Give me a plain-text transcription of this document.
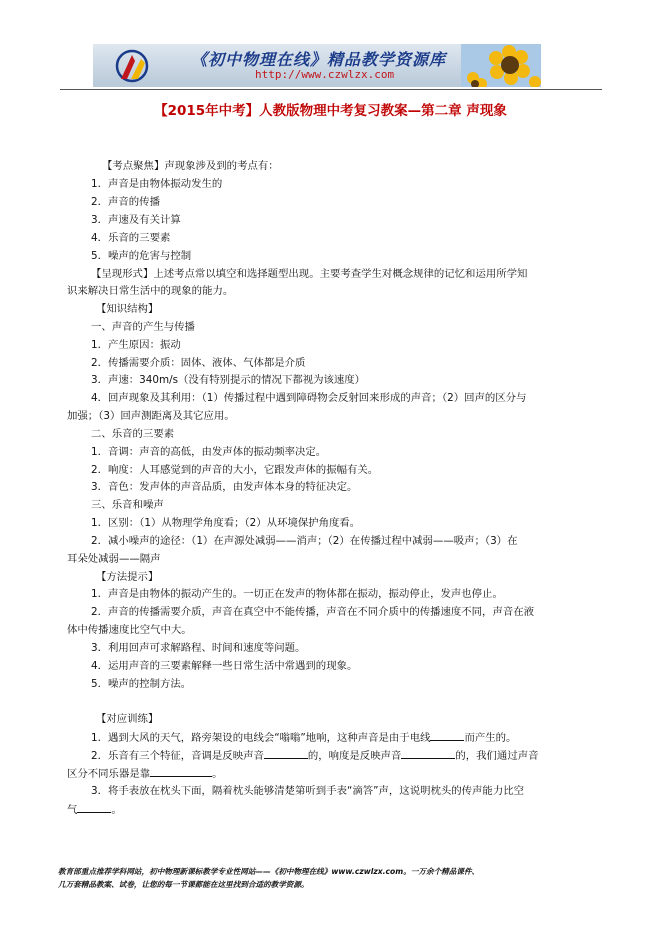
《初中物理在线》精品教学资源库
http://www.czwlzx.com
【2015年中考】人教版物理中考复习教案—第二章 声现象
【考点聚焦】声现象涉及到的考点有：
1．声音是由物体振动发生的
2．声音的传播
3．声速及有关计算
4．乐音的三要素
5．噪声的危害与控制
【呈现形式】上述考点常以填空和选择题型出现。主要考查学生对概念规律的记忆和运用所学知
识来解决日常生活中的现象的能力。
【知识结构】
一、声音的产生与传播
1．产生原因：振动
2．传播需要介质：固体、液体、气体都是介质
3．声速：340m/s（没有特别提示的情况下都视为该速度）
4．回声现象及其利用：（1）传播过程中遇到障碍物会反射回来形成的声音；（2）回声的区分与
加强；（3）回声测距离及其它应用。
二、乐音的三要素
1．音调：声音的高低，由发声体的振动频率决定。
2．响度：人耳感觉到的声音的大小，它跟发声体的振幅有关。
3．音色：发声体的声音品质，由发声体本身的特征决定。
三、乐音和噪声
1．区别：（1）从物理学角度看；（2）从环境保护角度看。
2．减小噪声的途径：（1）在声源处减弱——消声；（2）在传播过程中减弱——吸声；（3）在
耳朵处减弱——隔声
【方法提示】
1．声音是由物体的振动产生的。一切正在发声的物体都在振动，振动停止，发声也停止。
2．声音的传播需要介质，声音在真空中不能传播，声音在不同介质中的传播速度不同，声音在液
体中传播速度比空气中大。
3．利用回声可求解路程、时间和速度等问题。
4．运用声音的三要素解释一些日常生活中常遇到的现象。
5．噪声的控制方法。
【对应训练】
1．遇到大风的天气，路旁架设的电线会“嗡嗡”地响，这种声音是由于电线	而产生的。
2．乐音有三个特征，音调是反映声音	的，响度是反映声音	的，我们通过声音
区分不同乐器是靠	。
3．将手表放在枕头下面，隔着枕头能够清楚第听到手表“滴答”声，这说明枕头的传声能力比空
气	。
教育部重点推荐学科网站，初中物理新课标教学专业性网站——《初中物理在线》www.czwlzx.com。一万余个精品课件、
几万套精品教案、试卷，让您的每一节课都能在这里找到合适的教学资源。
